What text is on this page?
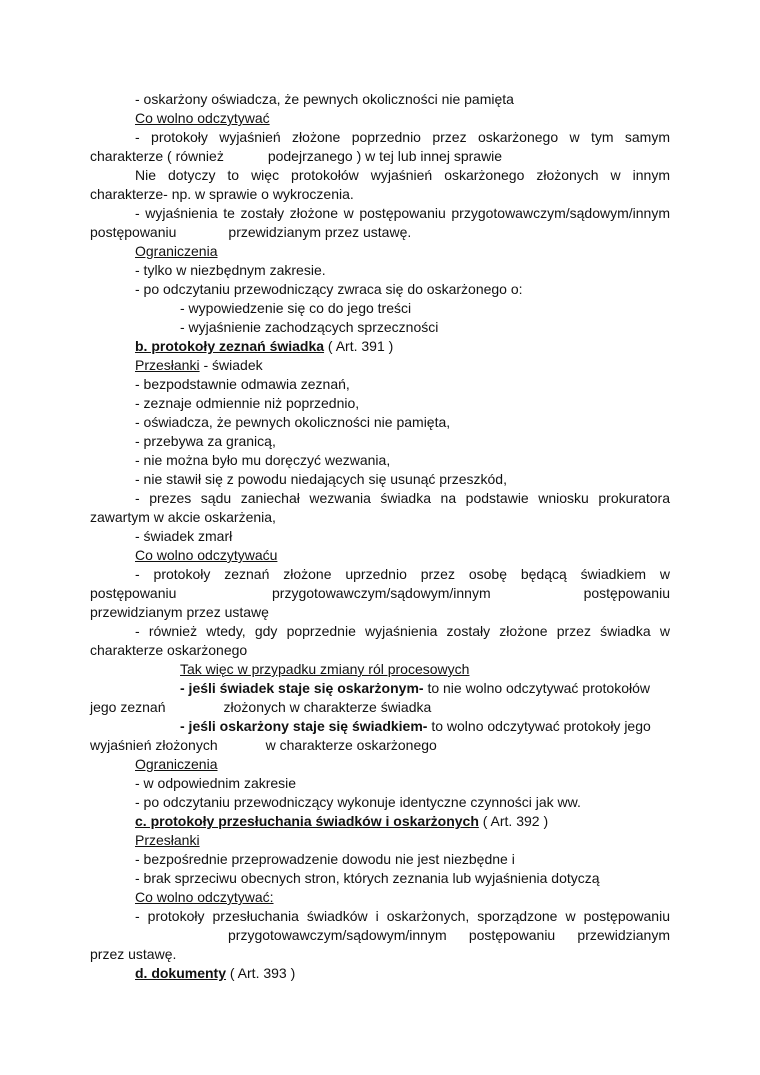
- oskarżony oświadcza, że pewnych okoliczności nie pamięta
Co wolno odczytywać
- protokoły wyjaśnień złożone poprzednio przez oskarżonego w tym samym
charakterze ( również	podejrzanego ) w tej lub innej sprawie
Nie dotyczy to więc protokołów wyjaśnień oskarżonego złożonych w innym
charakterze- np. w sprawie o wykroczenia.
- wyjaśnienia te zostały złożone w postępowaniu przygotowawczym/sądowym/innym
postępowaniu	przewidzianym przez ustawę.
Ograniczenia
- tylko w niezbędnym zakresie.
- po odczytaniu przewodniczący zwraca się do oskarżonego o:
- wypowiedzenie się co do jego treści
- wyjaśnienie zachodzących sprzeczności
b. protokoły zeznań świadka ( Art. 391 )
Przesłanki - świadek
- bezpodstawnie odmawia zeznań,
- zeznaje odmiennie niż poprzednio,
- oświadcza, że pewnych okoliczności nie pamięta,
- przebywa za granicą,
- nie można było mu doręczyć wezwania,
- nie stawił się z powodu niedających się usunąć przeszkód,
- prezes sądu zaniechał wezwania świadka na podstawie wniosku prokuratora
zawartym w akcie oskarżenia,
- świadek zmarł
Co wolno odczytywaću
- protokoły zeznań złożone uprzednio przez osobę będącą świadkiem w
postępowaniu	przygotowawczym/sądowym/innym	postępowaniu
przewidzianym przez ustawę
- również wtedy, gdy poprzednie wyjaśnienia zostały złożone przez świadka w
charakterze oskarżonego
Tak więc w przypadku zmiany ról procesowych
- jeśli świadek staje się oskarżonym- to nie wolno odczytywać protokołów
jego zeznań	złożonych w charakterze świadka
- jeśli oskarżony staje się świadkiem- to wolno odczytywać protokoły jego
wyjaśnień złożonych	w charakterze oskarżonego
Ograniczenia
- w odpowiednim zakresie
- po odczytaniu przewodniczący wykonuje identyczne czynności jak ww.
c. protokoły przesłuchania świadków i oskarżonych ( Art. 392 )
Przesłanki
- bezpośrednie przeprowadzenie dowodu nie jest niezbędne i
- brak sprzeciwu obecnych stron, których zeznania lub wyjaśnienia dotyczą
Co wolno odczytywać:
- protokoły przesłuchania świadków i oskarżonych, sporządzone w postępowaniu
przygotowawczym/sądowym/innym postępowaniu przewidzianym
przez ustawę.
d. dokumenty ( Art. 393 )
